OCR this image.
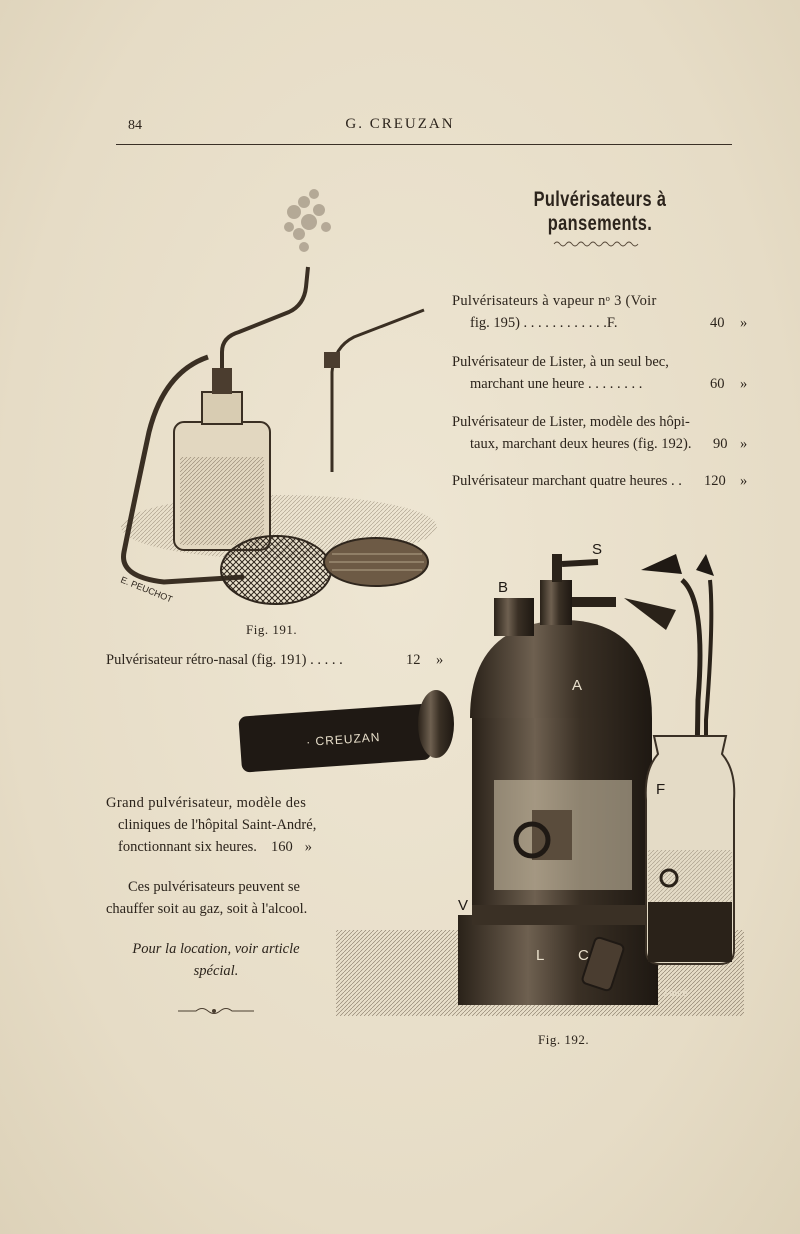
84	G. CREUZAN
Pulvérisateurs à pansements.
Pulvérisateurs à vapeur nᵒ 3 (Voir
fig. 195) . . . . . . . . . . . .F.	40 »
Pulvérisateur de Lister, à un seul bec,
marchant une heure . . . . . . . .	60 »
Pulvérisateur de Lister, modèle des hôpi-
taux, marchant deux heures (fig. 192).	90 »
Pulvérisateur marchant quatre heures . .	120 »
E. PEUCHOT
Fig. 191.
Pulvérisateur rétro-nasal (fig. 191) . . . . .	12 »
Grand pulvérisateur, modèle des
cliniques de l'hôpital Saint-André,
fonctionnant six heures. 160 »
Ces pulvérisateurs peuvent se
chauffer soit au gaz, soit à l'alcool.
Pour la location, voir article
spécial.
· CREUZAN
S
B
A
F
V
L C
Fouré
Fig. 192.
